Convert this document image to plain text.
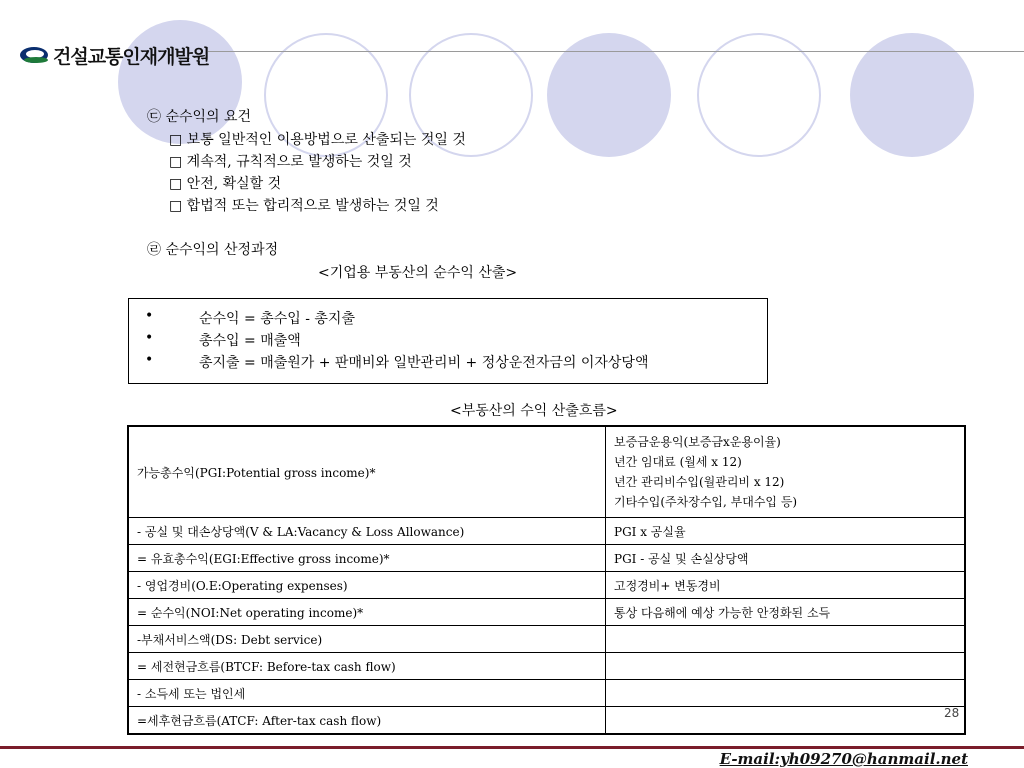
건설교통인재개발원
㉢ 순수익의 요건
□ 보통 일반적인 이용방법으로 산출되는 것일 것
□ 계속적, 규칙적으로 발생하는 것일 것
□ 안전, 확실할 것
□ 합법적 또는 합리적으로 발생하는 것일 것
㉣ 순수익의 산정과정
<기업용 부동산의 순수익 산출>
•	순수익 = 총수입 - 총지출
•	총수입 = 매출액
•	총지출 = 매출원가 + 판매비와 일반관리비 + 정상운전자금의 이자상당액
<부동산의 수익 산출흐름>
가능총수익(PGI:Potential gross income)*	보증금운용익(보증금x운용이율)
년간 임대료 (월세 x 12)
년간 관리비수입(월관리비 x 12)
기타수입(주차장수입, 부대수입 등)

- 공실 및 대손상당액(V & LA:Vacancy & Loss Allowance)	PGI x 공실율
= 유효총수익(EGI:Effective gross income)*	PGI - 공실 및 손실상당액
- 영업경비(O.E:Operating expenses)	고정경비+ 변동경비
= 순수익(NOI:Net operating income)*	통상 다음해에 예상 가능한 안정화된 소득
-부채서비스액(DS: Debt service)	
= 세전현금흐름(BTCF: Before-tax cash flow)	
- 소득세 또는 법인세	
=세후현금흐름(ATCF: After-tax cash flow)	
28
E-mail:yh09270@hanmail.net
